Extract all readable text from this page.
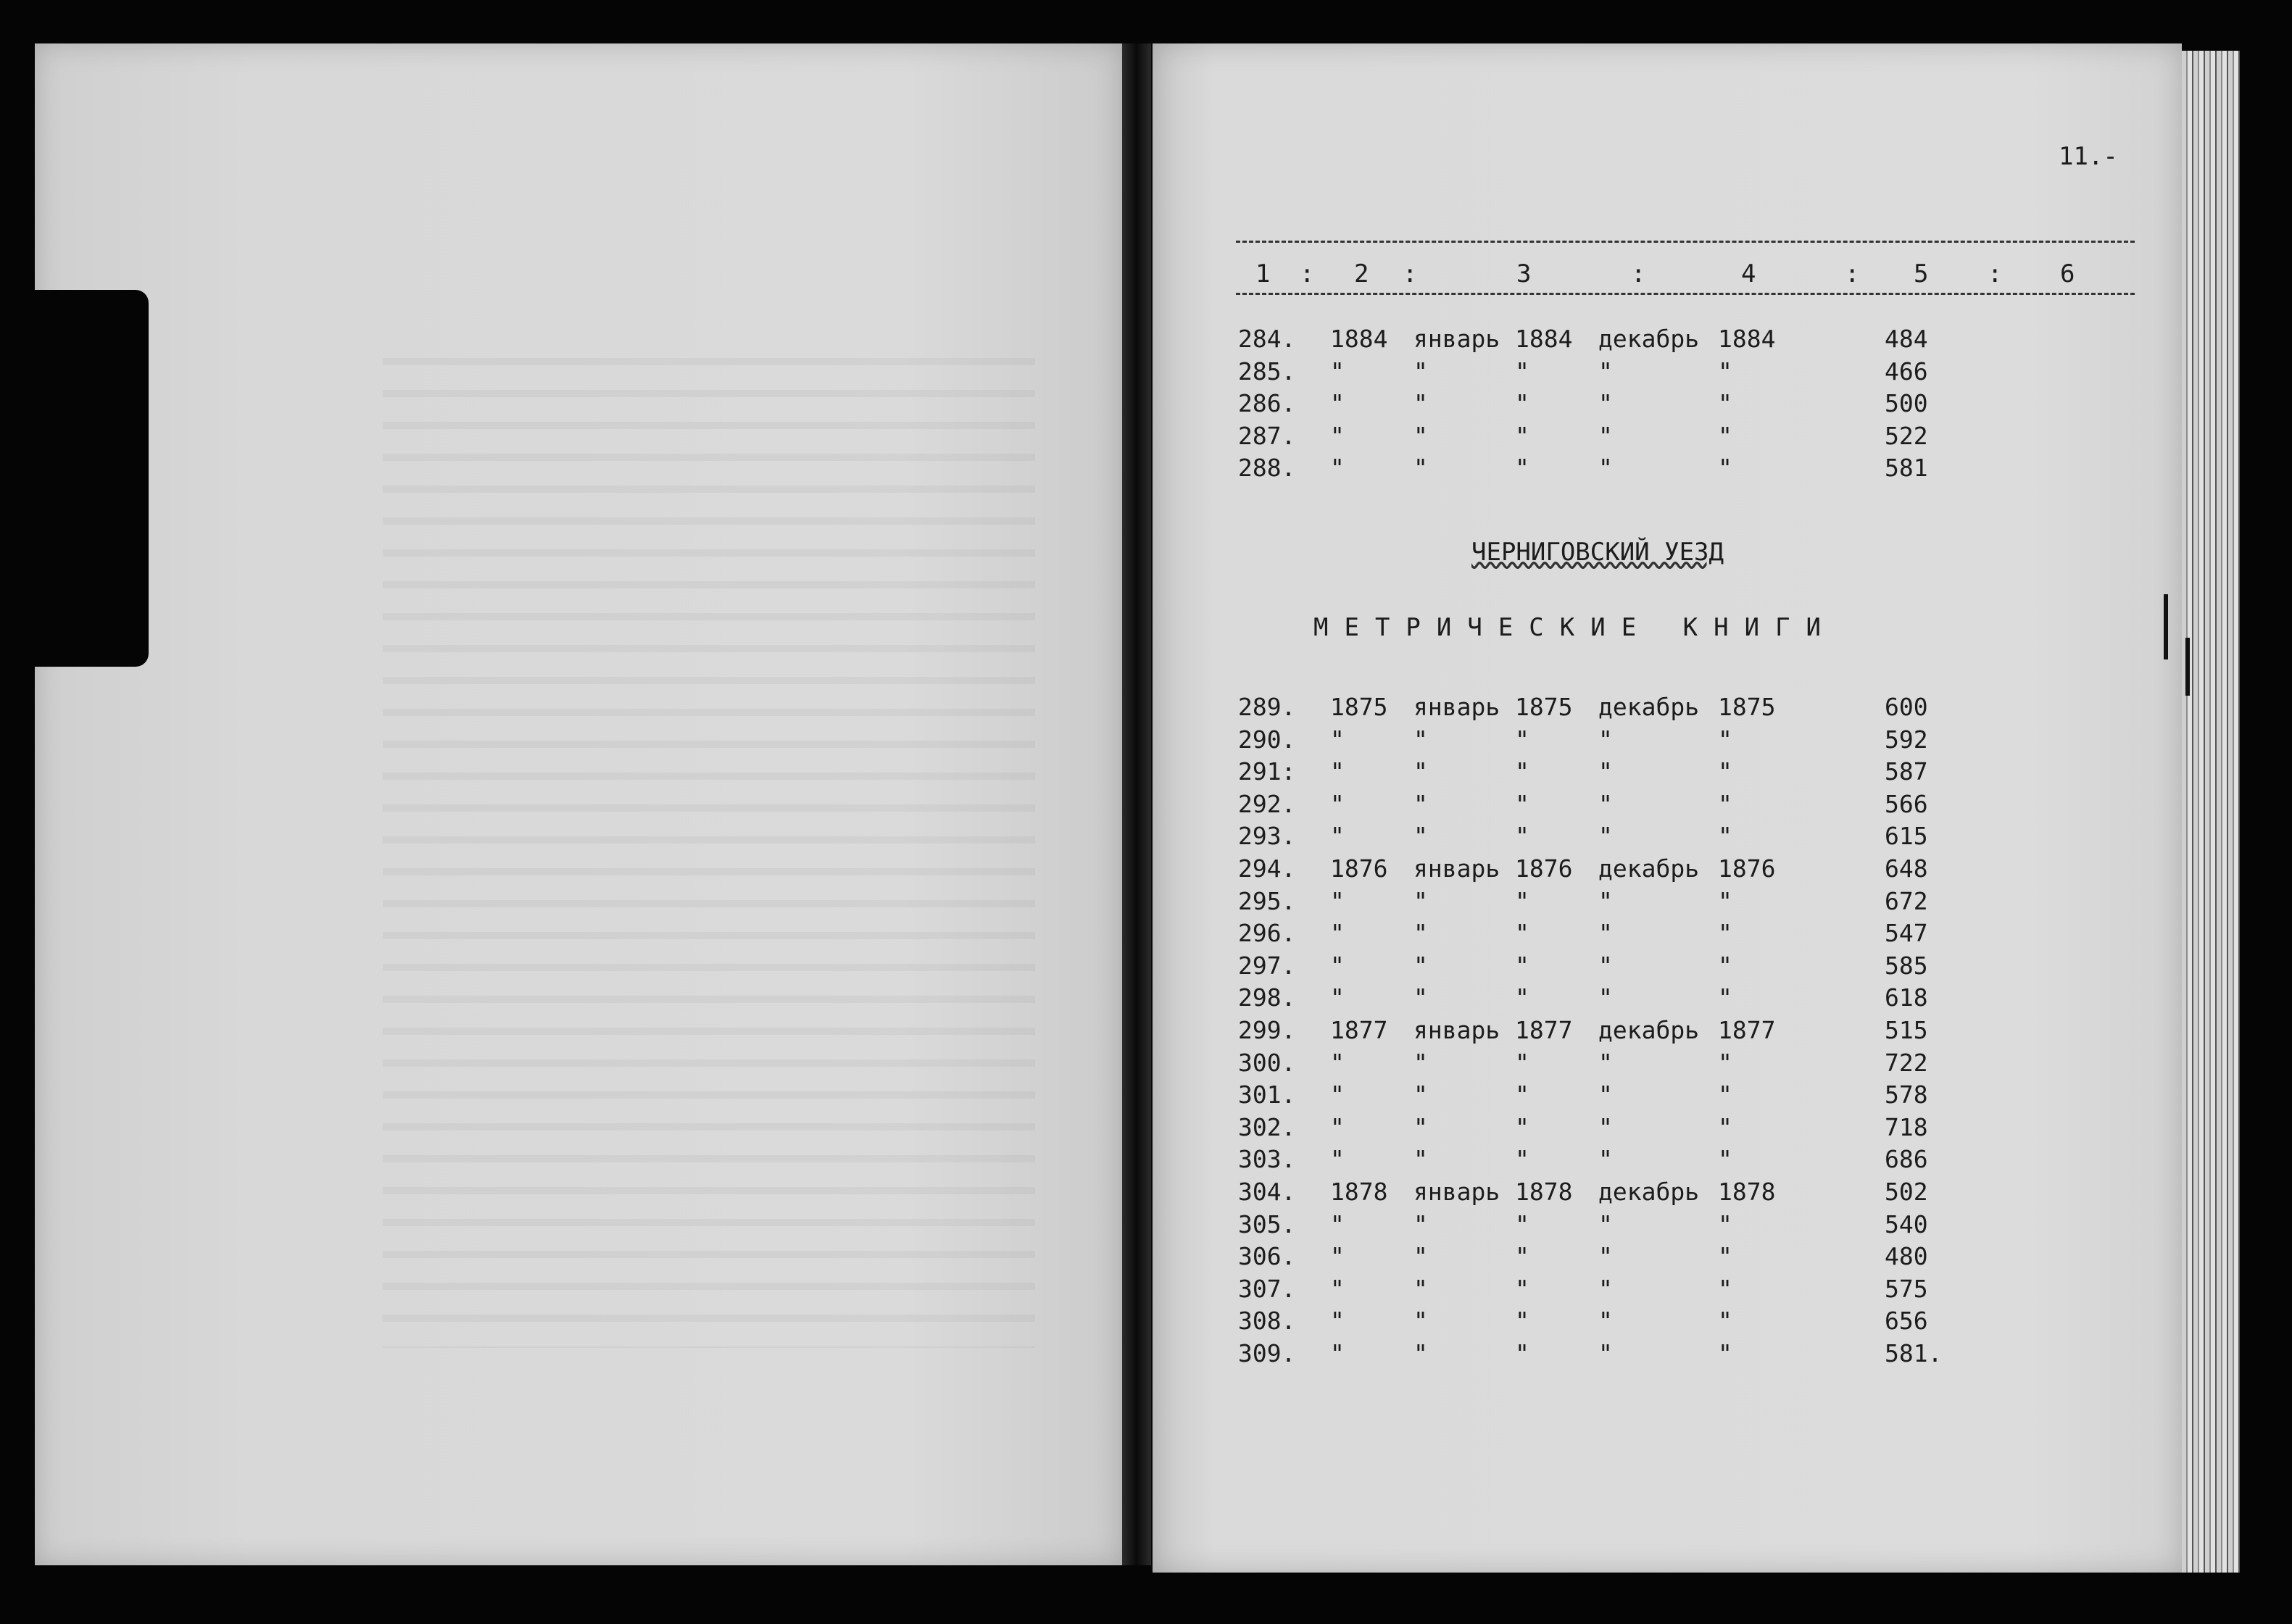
11.-
1 : 2 :	3	:	4	: 5 : 6
284. 1884 январь 1884 декабрь 1884	484
285. "	"	"	"	"	466
286. "	"	"	"	"	500
287. "	"	"	"	"	522
288. "	"	"	"	"	581
ЧЕРНИГОВСКИЙ УЕЗД
МЕТРИЧЕСКИЕ КНИГИ
289. 1875 январь 1875 декабрь 1875	600
290. "	"	"	"	"	592
291: "	"	"	"	"	587
292. "	"	"	"	"	566
293. "	"	"	"	"	615
294. 1876 январь 1876 декабрь 1876	648
295. "	"	"	"	"	672
296. "	"	"	"	"	547
297. "	"	"	"	"	585
298. "	"	"	"	"	618
299. 1877 январь 1877 декабрь 1877	515
300. "	"	"	"	"	722
301. "	"	"	"	"	578
302. "	"	"	"	"	718
303. "	"	"	"	"	686
304. 1878 январь 1878 декабрь 1878	502
305. "	"	"	"	"	540
306. "	"	"	"	"	480
307. "	"	"	"	"	575
308. "	"	"	"	"	656
309. "	"	"	"	"	581.
